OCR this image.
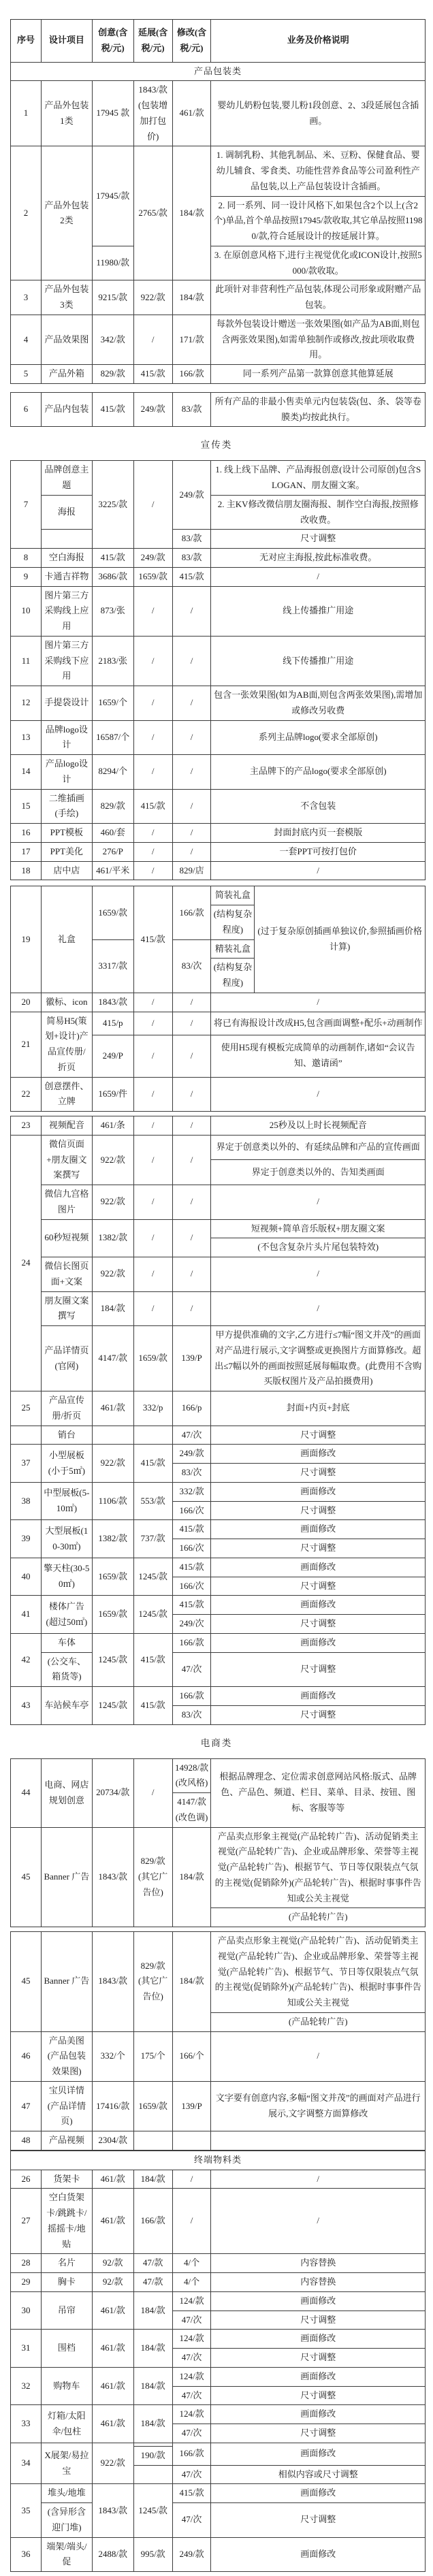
序号	设计项目	创意(含税/元)	延展(含税/元)	修改(含税/元)	业务及价格说明
产品包装类					
1	产品外包装1类	17945 款	1843/款(包装增加打包价)	461/款	婴幼儿奶粉包装,婴儿粉1段创意、2、3段延展包含插画。
2	产品外包装2类	17945/款	2765/款	184/款	1. 调制乳粉、其他乳制品、米、豆粉、保健食品、婴幼儿辅食、零食类、功能性营养食品等公司盈利性产品包装,以上产品包装设计含插画。
					2. 同一系列、同一设计风格下,如果包含2个以上(含2个)单品,首个单品按照17945/款收取,其它单品按照11980/款,符合延展设计的按延展计算。
		11980/款			3. 在原创意风格下,进行主视觉优化或ICON设计,按照5000/款收取。
3	产品外包装3类	9215/款	922/款	184/款	此项针对非营利性产品包装,体现公司形象或附赠产品包装。
4	产品效果图	342/款	/	171/款	每款外包装设计赠送一张效果图(如产品为AB面,则包含两张效果图),如需单独制作或修改,按此项收取费用。
5	产品外箱	829/款	415/款	166/款	同一系列产品第一款算创意其他算延展
6	产品内包装	415/款	249/款	83/款	所有产品的非最小售卖单元内包装袋(包、条、袋等卷膜类)均按此执行。
宣传类
7	品牌创意主题	3225/款	/	249/款	1. 线上线下品牌、产品海报创意(设计公司原创)包含SLOGAN、朋友圈文案。
	海报				2. 主KV修改微信朋友圈海报、制作空白海报,按照修改收费。
				83/款	尺寸调整
8	空白海报	415/款	249/款	83/款	无对应主海报,按此标准收费。
9	卡通吉祥物	3686/款	1659/款	415/款	/
10	图片第三方采购线上应用	873/张	/	/	线上传播推广用途
11	图片第三方采购线下应用	2183/张	/	/	线下传播推广用途
12	手提袋设计	1659/个	/	/	包含一张效果图(如为AB面,则包含两张效果图),需增加或修改另收费
13	品牌logo设计	16587/个	/	/	系列主品牌logo(要求全部原创)
14	产品logo设计	8294/个	/	/	主品牌下的产品logo(要求全部原创)
15	二维插画(手绘)	829/款	415/款	/	不含包装
16	PPT模板	460/套	/	/	封面封底内页一套模版
17	PPT美化	276/P	/	/	一套PPT可按打包价
18	店中店	461/平米	/	829/店	/
19	礼盒	1659/款	415/款	166/款	简装礼盒	(过于复杂原创插画单独议价,参照插画价格计算)
					(结构复杂程度)	
		3317/款		83/次	精装礼盒	
					(结构复杂程度)	
20	徽标、icon	1843/款	/	/	/	
21	简易H5(策划+设计)产品宣传册/折页	415/p	/	/	将已有海报设计改成H5,包含画面调整+配乐+动画制作	
		249/P	/	/	使用H5现有模板完成简单的动画制作,诸如“会议告知、邀请函”	
22	创意摆件、立牌	1659/件	/	/	/	
23	视频配音	461/条	/	/	25秒及以上时长视频配音
24	微信页面+朋友圈文案撰写	922/款	/	/	界定于创意类以外的、有延续品牌和产品的宣传画面
					界定于创意类以外的、告知类画面
	微信九宫格图片	922/款	/	/	/
	60秒短视频	1382/款	/	/	短视频+简单音乐版权+朋友圈文案
					(不包含复杂片头片尾包装特效)
	微信长图页面+文案	922/款	/	/	/
	朋友圈文案撰写	184/款	/	/	/
	产品详情页(官网)	4147/款	1659/款	139/P	甲方提供准确的文字,乙方进行≤7幅“图文并茂”的画面对产品进行展示,文字调整或更换图片方面算修改。超出≤7幅以外的画面按照延展每幅取费。(此费用不含购买版权图片及产品拍摄费用)
25	产品宣传册/折页	461/款	332/p	166/p	封面+内页+封底
	销台			47/次	尺寸调整
37	小型展板(小于5㎡)	922/款	415/款	249/款	画面修改
				83/次	尺寸调整
38	中型展板(5-10㎡)	1106/款	553/款	332/款	画面修改
				166/次	尺寸调整
39	大型展板(10-30㎡)	1382/款	737/款	415/款	画面修改
				166/次	尺寸调整
40	擎天柱(30-50㎡)	1659/款	1245/款	415/款	画面修改
				166/次	尺寸调整
41	楼体广告(超过50㎡)	1659/款	1245/款	415/款	画面修改
				249/次	尺寸调整
42	车体	1245/款	415/款	166/款	画面修改
	(公交车、箱货等)			47/次	尺寸调整
43	车站候车亭	1245/款	415/款	166/款	画面修改
				83/次	尺寸调整
电商类
44	电商、网店规划创意	20734/款	/	14928/款(改风格)	根据品牌理念、定位需求创意网站风格:版式、品牌色、产品色、频道、栏目、菜单、目录、按钮、图标、客服等等
				4147/款(改色调)	
45	Banner 广告	1843/款	829/款(其它广告位)	184/款	产品卖点形象主视觉(产品轮转广告)、活动促销类主视觉(产品轮转广告)、企业或品牌形象、荣誉等主视觉(产品轮转广告)、根据节气、节日等仅限装点气氛的主视觉(促销除外)(产品轮转广告)、根据时事事件告知或公关主视觉
					(产品轮转广告)
45	Banner 广告	1843/款	829/款(其它广告位)	184/款	产品卖点形象主视觉(产品轮转广告)、活动促销类主视觉(产品轮转广告)、企业或品牌形象、荣誉等主视觉(产品轮转广告)、根据节气、节日等仅限装点气氛的主视觉(促销除外)(产品轮转广告)、根据时事事件告知或公关主视觉
					(产品轮转广告)
46	产品美图(产品包装效果图)	332/个	175/个	166/个	/
47	宝贝详情(产品详情页)	17416/款	1659/款	139/P	文字要有创意内容,多幅“图文并茂”的画面对产品进行展示,文字调整方面算修改
48	产品视频	2304/款			
终端物料类					
26	货架卡	461/款	184/款	/	/
27	空白货架卡/跳跳卡/摇摇卡/地贴	461/款	166/款	/	/
28	名片	92/款	47/款	4/个	内容替换
29	胸卡	92/款	47/款	4/个	内容替换
30	吊帘	461/款	184/款	124/款	画面修改
				47/次	尺寸调整
31	围档	461/款	184/款	124/款	画面修改
				47/次	尺寸调整
32	购物车	461/款	184/款	124/款	画面修改
				47/次	尺寸调整
33	灯箱/太阳伞/包柱	461/款	184/款	124/款	画面修改
				47/次	尺寸调整
34	X展架/易拉宝	922/款		166/款	画面修改
			190/款		
				47/次	相似内容或尺寸调整
35	堆头/地堆	1843/款	1245/款	415/款	画面修改
	(含异形含迎门堆)			47/次	尺寸调整
36	端架/端头/促	2488/款	995/款	249/款	画面修改
